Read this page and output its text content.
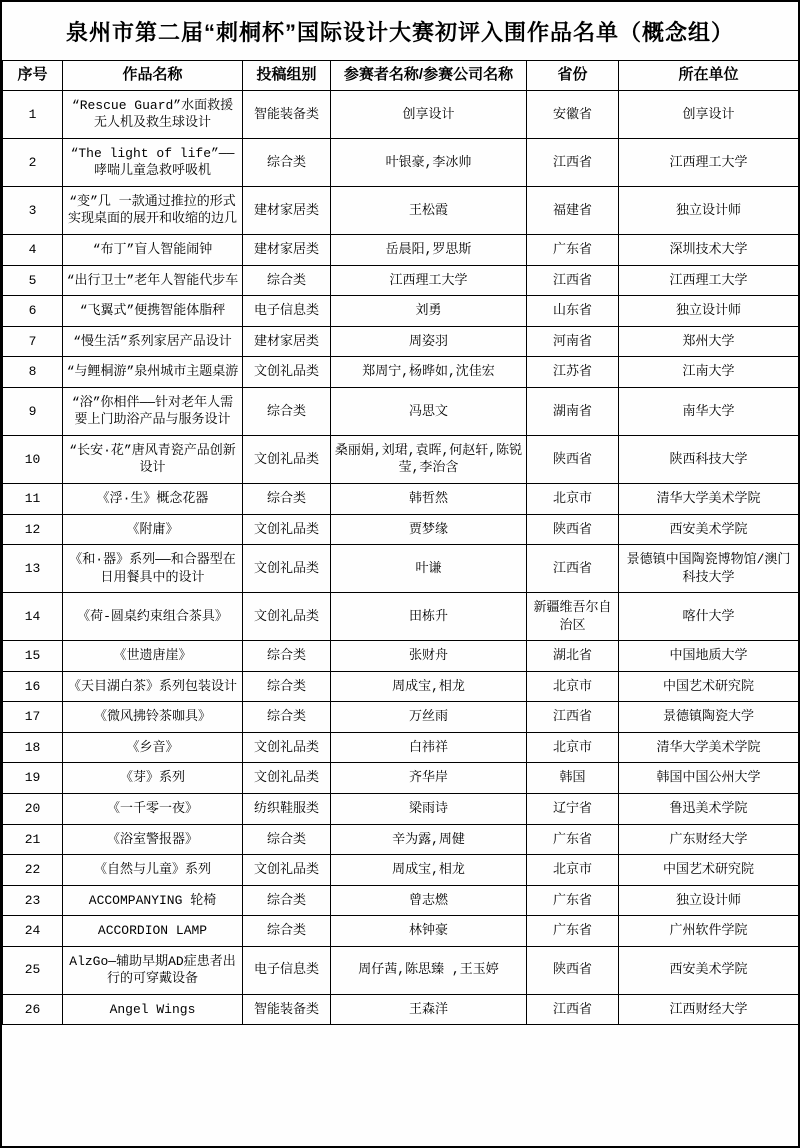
泉州市第二届“刺桐杯”国际设计大赛初评入围作品名单（概念组）
序号	作品名称	投稿组别	参赛者名称/参赛公司名称	省份	所在单位
1	“Rescue Guard”水面救援无人机及救生球设计	智能装备类	创享设计	安徽省	创享设计
2	“The light of life”——哮喘儿童急救呼吸机	综合类	叶银豪,李冰帅	江西省	江西理工大学
3	“变”几 一款通过推拉的形式实现桌面的展开和收缩的边几	建材家居类	王松霞	福建省	独立设计师
4	“布丁”盲人智能闹钟	建材家居类	岳晨阳,罗思斯	广东省	深圳技术大学
5	“出行卫士”老年人智能代步车	综合类	江西理工大学	江西省	江西理工大学
6	“飞翼式”便携智能体脂秤	电子信息类	刘勇	山东省	独立设计师
7	“慢生活”系列家居产品设计	建材家居类	周姿羽	河南省	郑州大学
8	“与鲤桐游”泉州城市主题桌游	文创礼品类	郑周宁,杨晔如,沈佳宏	江苏省	江南大学
9	“浴”你相伴——针对老年人需要上门助浴产品与服务设计	综合类	冯思文	湖南省	南华大学
10	“长安·花”唐风青瓷产品创新设计	文创礼品类	桑丽娟,刘珺,袁晖,何赵轩,陈锐莹,李治含	陕西省	陕西科技大学
11	《浮·生》概念花器	综合类	韩哲然	北京市	清华大学美术学院
12	《附庸》	文创礼品类	贾梦缘	陕西省	西安美术学院
13	《和·器》系列——和合器型在日用餐具中的设计	文创礼品类	叶谦	江西省	景德镇中国陶瓷博物馆/澳门科技大学
14	《荷-圆桌约束组合茶具》	文创礼品类	田栋升	新疆维吾尔自治区	喀什大学
15	《世遗唐崖》	综合类	张财舟	湖北省	中国地质大学
16	《天目湖白茶》系列包装设计	综合类	周成宝,相龙	北京市	中国艺术研究院
17	《微风拂铃茶咖具》	综合类	万丝雨	江西省	景德镇陶瓷大学
18	《乡音》	文创礼品类	白祎祥	北京市	清华大学美术学院
19	《芽》系列	文创礼品类	齐华岸	韩国	韩国中国公州大学
20	《一千零一夜》	纺织鞋服类	梁雨诗	辽宁省	鲁迅美术学院
21	《浴室警报器》	综合类	辛为露,周健	广东省	广东财经大学
22	《自然与儿童》系列	文创礼品类	周成宝,相龙	北京市	中国艺术研究院
23	ACCOMPANYING 轮椅	综合类	曾志燃	广东省	独立设计师
24	ACCORDION LAMP	综合类	林钟豪	广东省	广州软件学院
25	AlzGo—辅助早期AD症患者出行的可穿戴设备	电子信息类	周仔茜,陈思臻 ,王玉婷	陕西省	西安美术学院
26	Angel Wings	智能装备类	王森洋	江西省	江西财经大学
